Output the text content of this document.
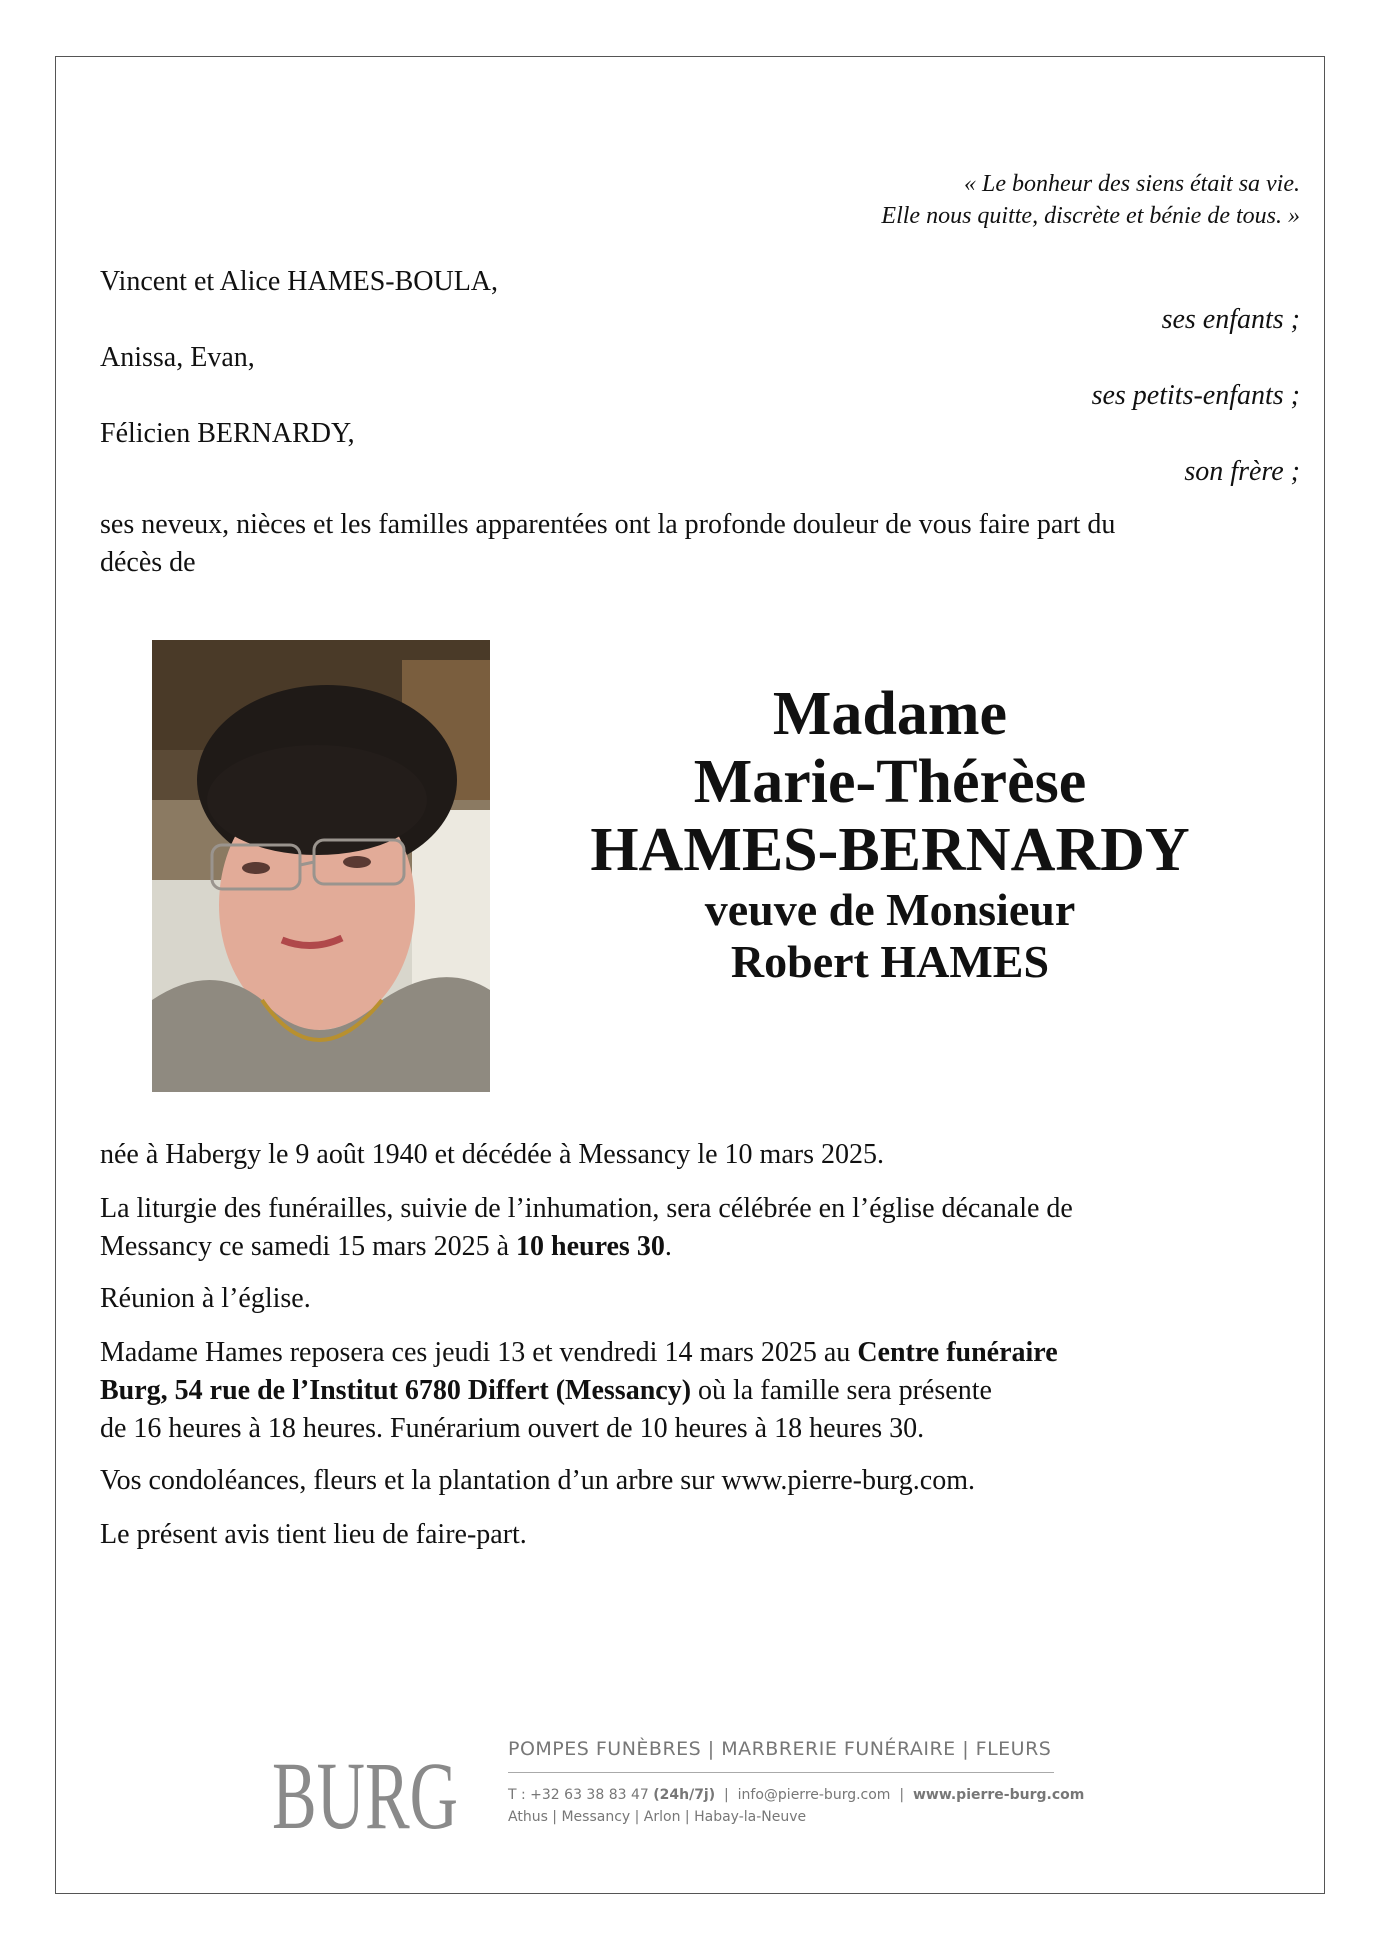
« Le bonheur des siens était sa vie.
Elle nous quitte, discrète et bénie de tous. »
Vincent et Alice HAMES-BOULA,
ses enfants ;
Anissa, Evan,
ses petits-enfants ;
Félicien BERNARDY,
son frère ;
ses neveux, nièces et les familles apparentées ont la profonde douleur de vous faire part du
décès de
Madame
Marie-Thérèse
HAMES-BERNARDY
veuve de Monsieur
Robert HAMES
née à Habergy le 9 août 1940 et décédée à Messancy le 10 mars 2025.
La liturgie des funérailles, suivie de l’inhumation, sera célébrée en l’église décanale de
Messancy ce samedi 15 mars 2025 à 10 heures 30.
Réunion à l’église.
Madame Hames reposera ces jeudi 13 et vendredi 14 mars 2025 au Centre funéraire
Burg, 54 rue de l’Institut 6780 Differt (Messancy) où la famille sera présente
de 16 heures à 18 heures. Funérarium ouvert de 10 heures à 18 heures 30.
Vos condoléances, fleurs et la plantation d’un arbre sur www.pierre-burg.com.
Le présent avis tient lieu de faire-part.
BURG	POMPES FUNÈBRES | MARBRERIE FUNÉRAIRE | FLEURS
T : +32 63 38 83 47 (24h/7j)  |  info@pierre-burg.com  |  www.pierre-burg.com
Athus | Messancy | Arlon | Habay-la-Neuve
